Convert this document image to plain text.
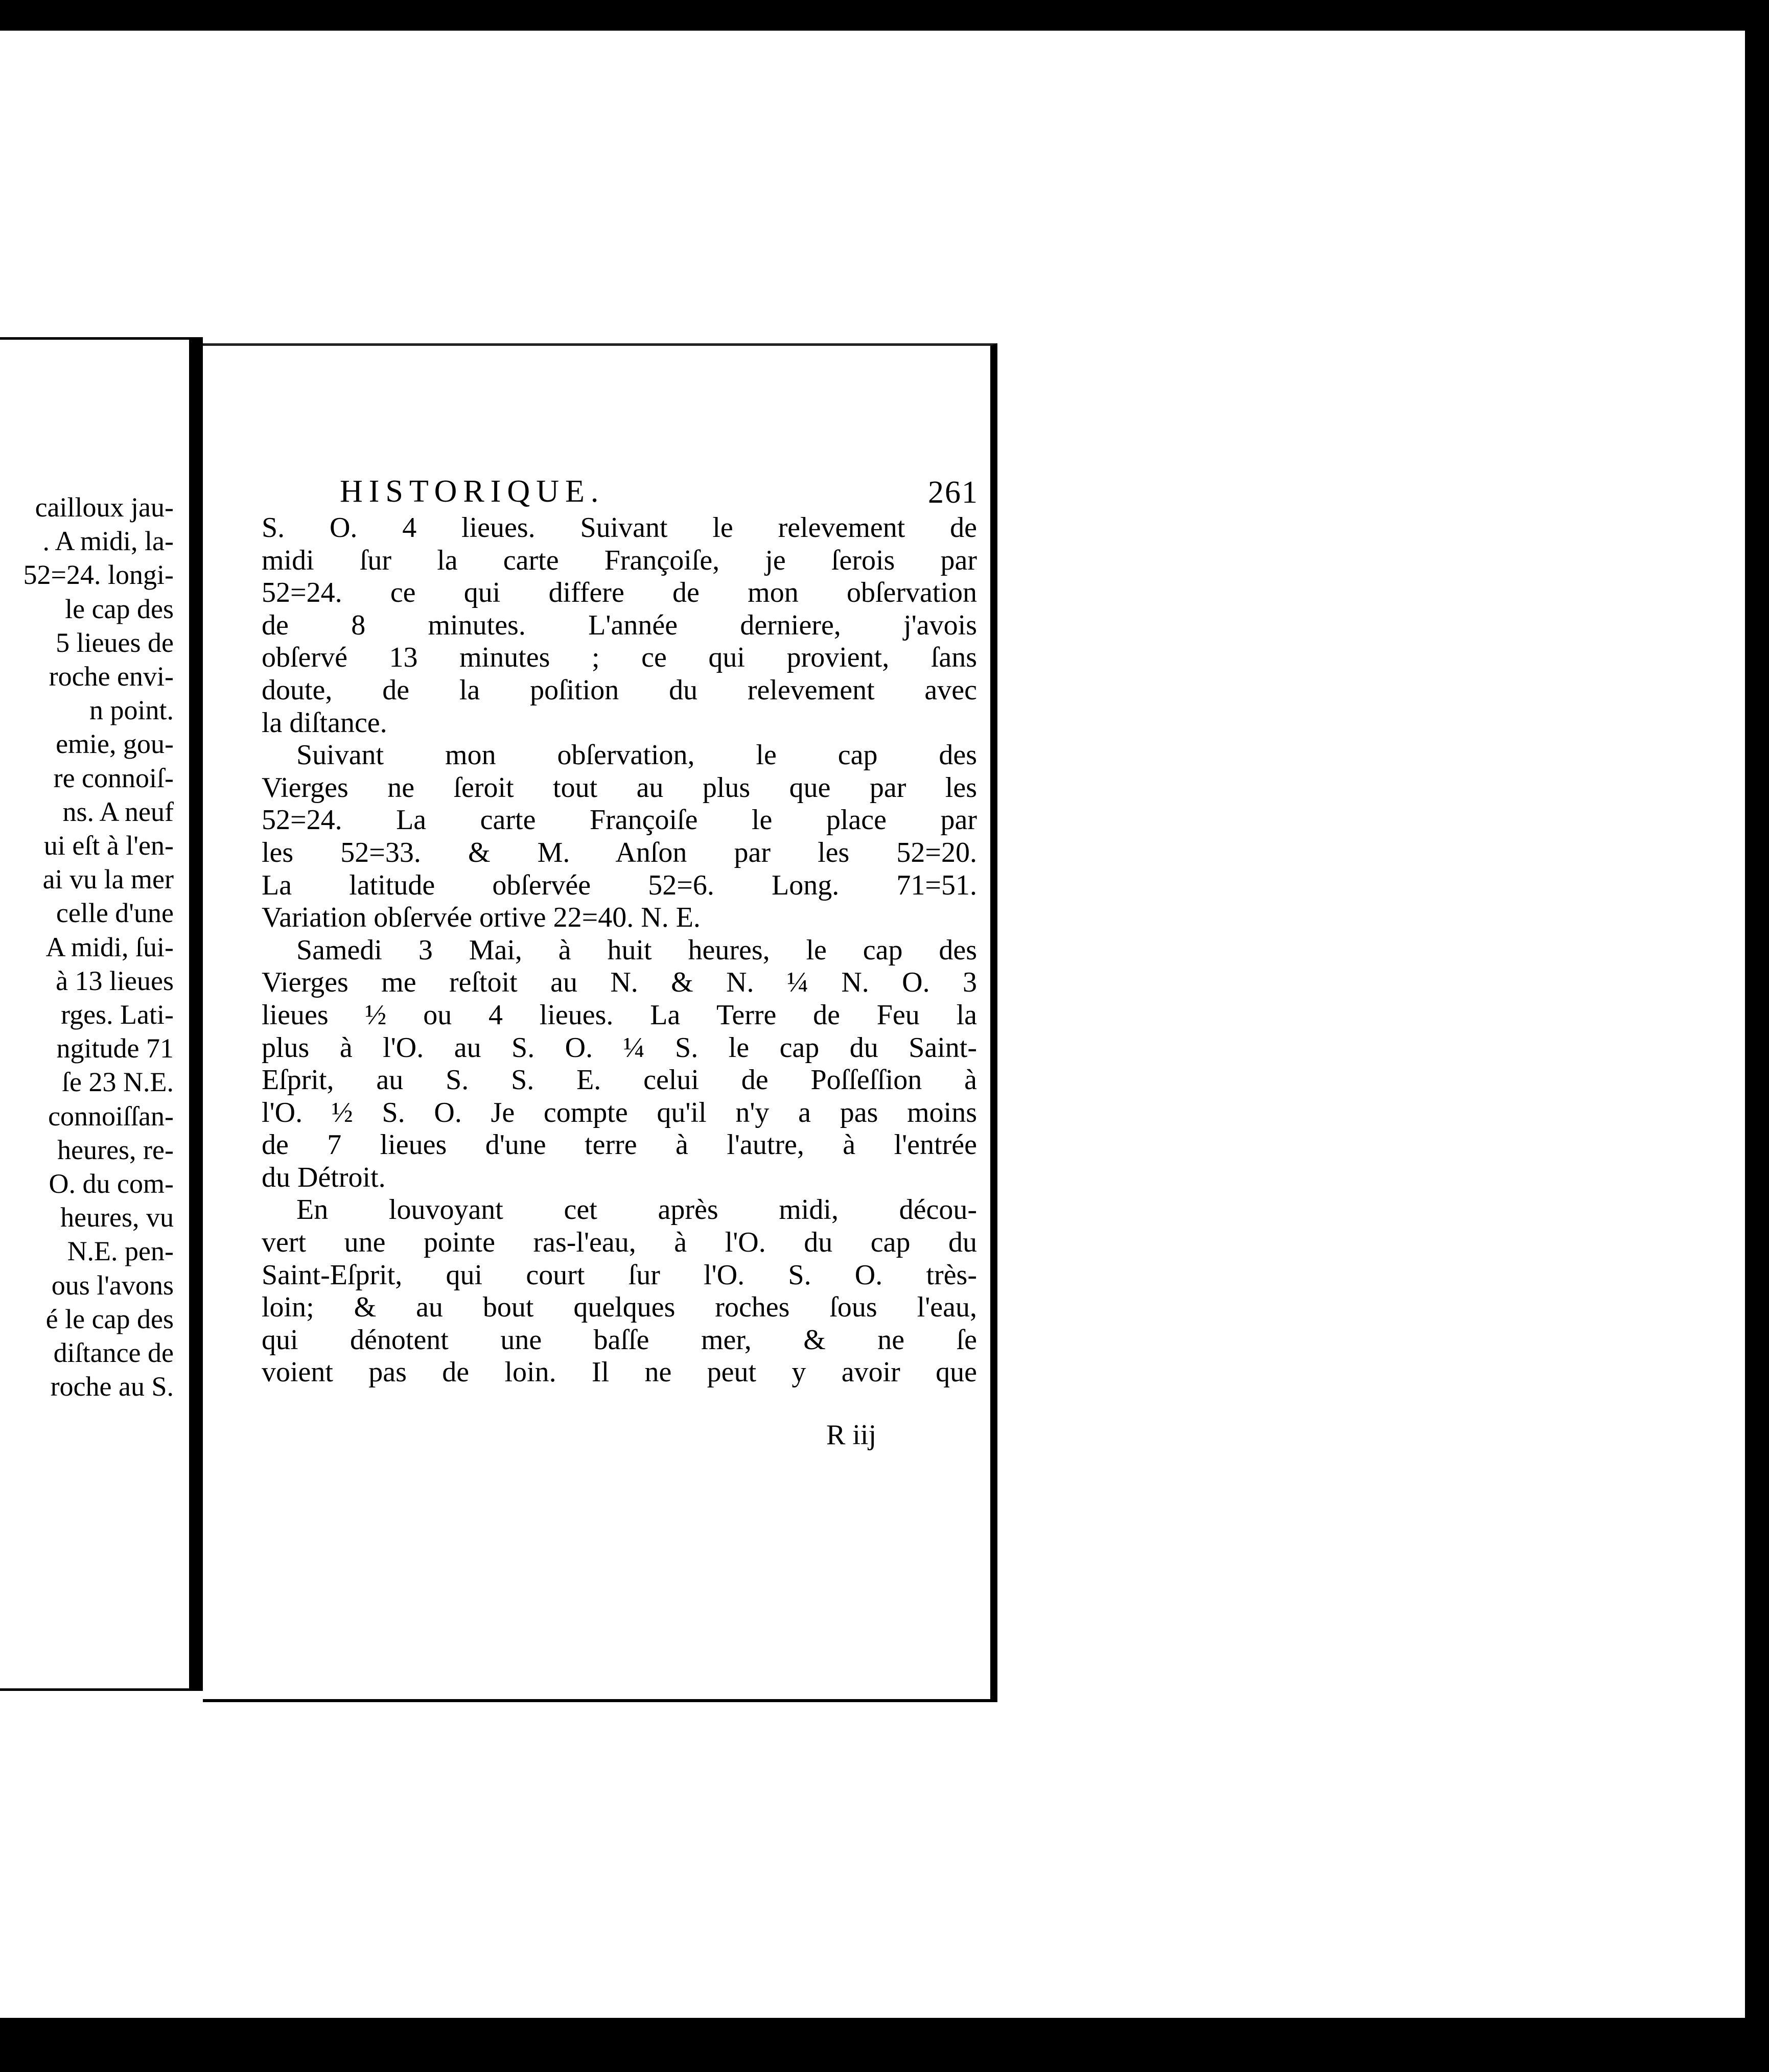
cailloux jau-
. A midi, la-
52=24. longi-
le cap des
5 lieues de
roche envi-
n point.
emie, gou-
re connoiſ-
ns. A neuf
ui eſt à l'en-
ai vu la mer
celle d'une
A midi, ſui-
à 13 lieues
rges. Lati-
ngitude 71
ſe 23 N.E.
connoiſſan-
heures, re-
O. du com-
heures, vu
N.E. pen-
ous l'avons
é le cap des
diſtance de
roche au S.
HISTORIQUE.	261
S. O. 4 lieues. Suivant le relevement de
midi ſur la carte Françoiſe, je ſerois par
52=24. ce qui differe de mon obſervation
de 8 minutes. L'année derniere, j'avois
obſervé 13 minutes ; ce qui provient, ſans
doute, de la poſition du relevement avec
la diſtance.
Suivant mon obſervation, le cap des
Vierges ne ſeroit tout au plus que par les
52=24. La carte Françoiſe le place par
les 52=33. & M. Anſon par les 52=20.
La latitude obſervée 52=6. Long. 71=51.
Variation obſervée ortive 22=40. N. E.
Samedi 3 Mai, à huit heures, le cap des
Vierges me reſtoit au N. & N. ¼ N. O. 3
lieues ½ ou 4 lieues. La Terre de Feu la
plus à l'O. au S. O. ¼ S. le cap du Saint-
Eſprit, au S. S. E. celui de Poſſeſſion à
l'O. ½ S. O. Je compte qu'il n'y a pas moins
de 7 lieues d'une terre à l'autre, à l'entrée
du Détroit.
En louvoyant cet après midi, décou-
vert une pointe ras-l'eau, à l'O. du cap du
Saint-Eſprit, qui court ſur l'O. S. O. très-
loin; & au bout quelques roches ſous l'eau,
qui dénotent une baſſe mer, & ne ſe
voient pas de loin. Il ne peut y avoir que
R iij
